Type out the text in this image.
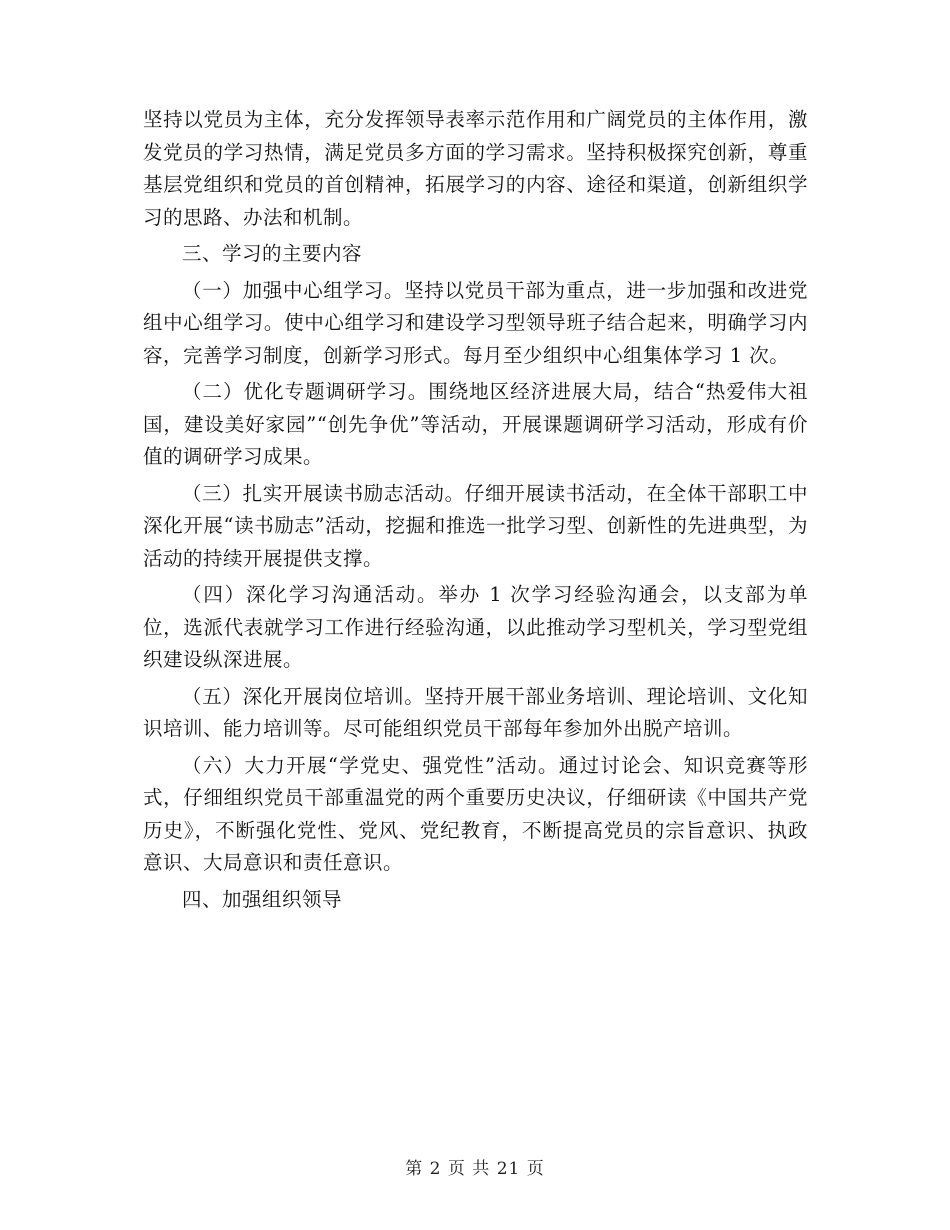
坚持以党员为主体，充分发挥领导表率示范作用和广阔党员的主体作用，激发党员的学习热情，满足党员多方面的学习需求。坚持积极探究创新，尊重基层党组织和党员的首创精神，拓展学习的内容、途径和渠道，创新组织学习的思路、办法和机制。

三、学习的主要内容

（一）加强中心组学习。坚持以党员干部为重点，进一步加强和改进党组中心组学习。使中心组学习和建设学习型领导班子结合起来，明确学习内容，完善学习制度，创新学习形式。每月至少组织中心组集体学习 1 次。

（二）优化专题调研学习。围绕地区经济进展大局，结合“热爱伟大祖国，建设美好家园”“创先争优”等活动，开展课题调研学习活动，形成有价值的调研学习成果。

（三）扎实开展读书励志活动。仔细开展读书活动，在全体干部职工中深化开展“读书励志”活动，挖掘和推选一批学习型、创新性的先进典型，为活动的持续开展提供支撑。

（四）深化学习沟通活动。举办 1 次学习经验沟通会，以支部为单位，选派代表就学习工作进行经验沟通，以此推动学习型机关，学习型党组织建设纵深进展。

（五）深化开展岗位培训。坚持开展干部业务培训、理论培训、文化知识培训、能力培训等。尽可能组织党员干部每年参加外出脱产培训。

（六）大力开展“学党史、强党性”活动。通过讨论会、知识竞赛等形式，仔细组织党员干部重温党的两个重要历史决议，仔细研读《中国共产党历史》，不断强化党性、党风、党纪教育，不断提高党员的宗旨意识、执政意识、大局意识和责任意识。

四、加强组织领导

第 2 页 共 21 页
